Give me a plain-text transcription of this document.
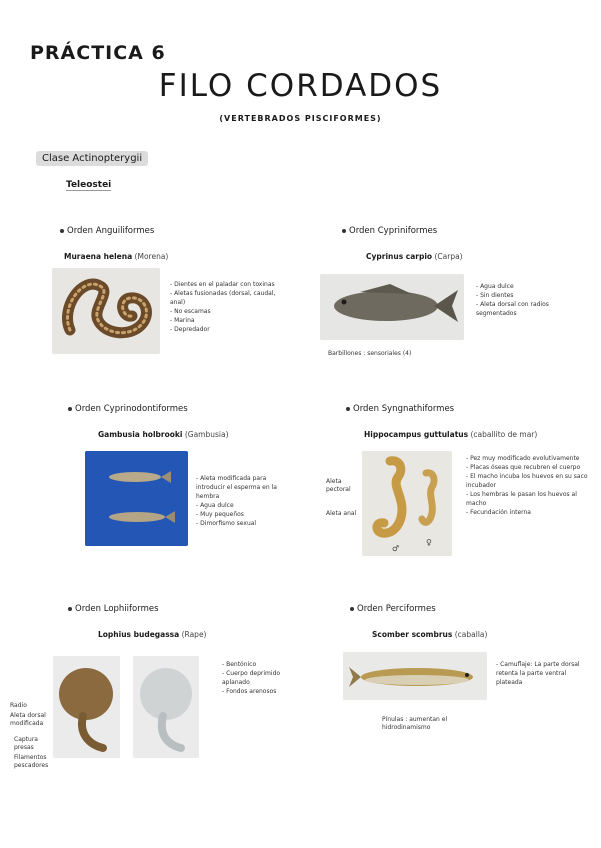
PRÁCTICA 6
FILO CORDADOS
(VERTEBRADOS PISCIFORMES)
Clase Actinopterygii
Teleostei
Orden Anguiliformes
Muraena helena (Morena)
- Dientes en el paladar con toxinas
- Aletas fusionadas (dorsal, caudal, anal)
- No escamas
- Marina
- Depredador
Orden Cypriniformes
Cyprinus carpio (Carpa)
- Agua dulce
- Sin dientes
- Aleta dorsal con radios segmentados
Barbillones : sensoriales (4)
Orden Cyprinodontiformes
Gambusia holbrooki (Gambusia)
- Aleta modificada para introducir el esperma en la hembra
- Agua dulce
- Muy pequeños
- Dimorfismo sexual
Orden Syngnathiformes
Hippocampus guttulatus (caballito de mar)
♂
♀
Aleta pectoral
Aleta anal
- Pez muy modificado evolutivamente
- Placas óseas que recubren el cuerpo
- El macho incuba los huevos en su saco incubador
- Los hembras le pasan los huevos al macho
- Fecundación interna
Orden Lophiiformes
Lophius budegassa (Rape)
Radio
Aleta dorsal modificada
Captura presas
Filamentos pescadores
- Bentónico
- Cuerpo deprimido aplanado
- Fondos arenosos
Orden Perciformes
Scomber scombrus (caballa)
- Camuflaje: La parte dorsal retenta la parte ventral plateada
Pínulas : aumentan el hidrodinamismo
